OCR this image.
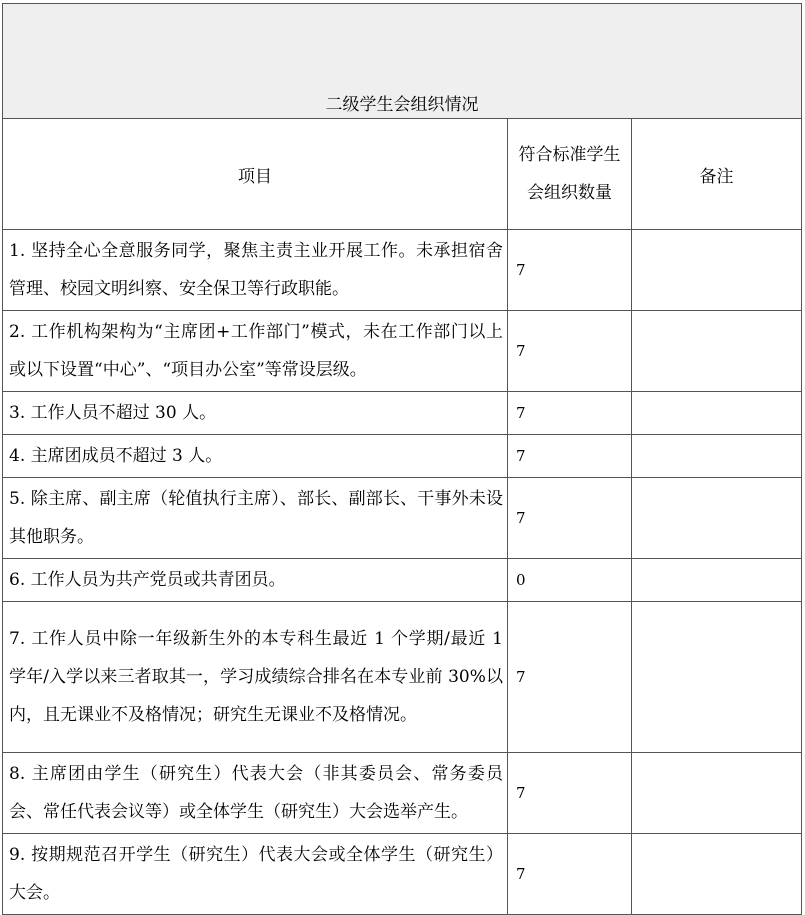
二级学生会组织情况		
项目	符合标准学生会组织数量	备注
1. 坚持全心全意服务同学，聚焦主责主业开展工作。未承担宿舍管理、校园文明纠察、安全保卫等行政职能。	7	
2. 工作机构架构为“主席团+工作部门”模式，未在工作部门以上或以下设置“中心”、“项目办公室”等常设层级。	7	
3. 工作人员不超过 30 人。	7	
4. 主席团成员不超过 3 人。	7	
5. 除主席、副主席（轮值执行主席）、部长、副部长、干事外未设其他职务。	7	
6. 工作人员为共产党员或共青团员。	0	
7. 工作人员中除一年级新生外的本专科生最近 1 个学期/最近 1 学年/入学以来三者取其一，学习成绩综合排名在本专业前 30%以内，且无课业不及格情况；研究生无课业不及格情况。	7	
8. 主席团由学生（研究生）代表大会（非其委员会、常务委员会、常任代表会议等）或全体学生（研究生）大会选举产生。	7	
9. 按期规范召开学生（研究生）代表大会或全体学生（研究生）大会。	7	
